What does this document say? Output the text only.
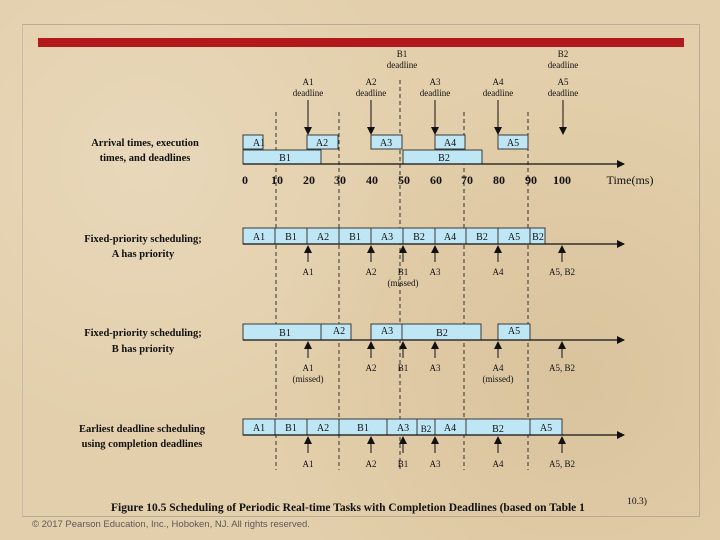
B1
deadline
B2
deadline
A1
deadline
A2
deadline
A3
deadline
A4
deadline
A5
deadline
Arrival times, execution
times, and deadlines
Fixed-priority scheduling;
A has priority
Fixed-priority scheduling;
B has priority
Earliest deadline scheduling
using completion deadlines
A1	A2	A3	A4	A5
B1	B2
0 10 20 30 40 50 60 70 80 90 100	Time(ms)
A1 B1 A2 B1 A3 B2 A4 B2 A5 B2
A1	A2 B1
(missed)
A3	A4	A5, B2
B1	A2	A3	B2	A5
A1
(missed)
A2 B1 A3	A4
(missed)
A5, B2
A1 B1 A2	B1	A3 B2 A4	B2	A5
A1	A2 B1 A3	A4	A5, B2
Figure 10.5 Scheduling of Periodic Real-time Tasks with Completion Deadlines (based on Table 1	10.3)
© 2017 Pearson Education, Inc., Hoboken, NJ. All rights reserved.
